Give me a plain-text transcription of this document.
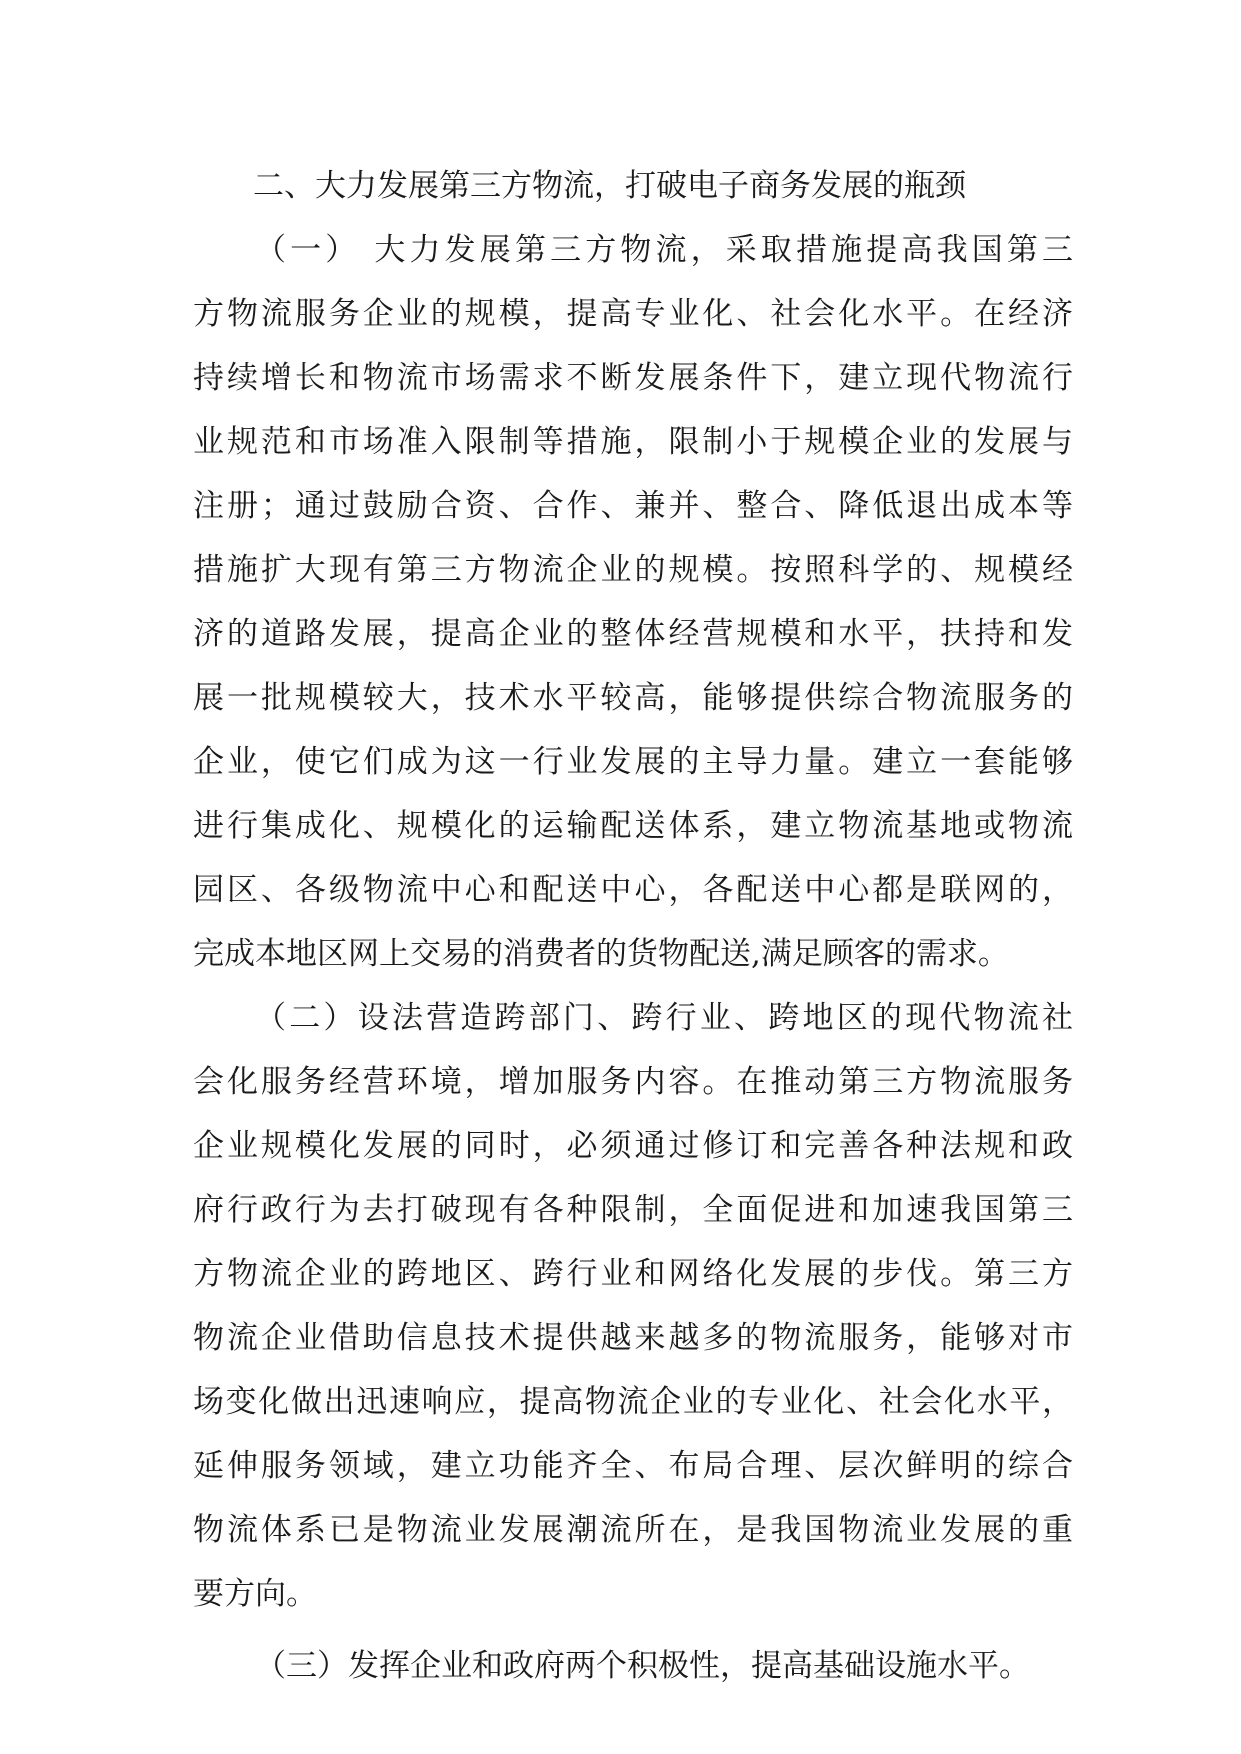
二、大力发展第三方物流，打破电子商务发展的瓶颈
（一） 大力发展第三方物流，采取措施提高我国第三
方物流服务企业的规模，提高专业化、社会化水平。在经济
持续增长和物流市场需求不断发展条件下，建立现代物流行
业规范和市场准入限制等措施，限制小于规模企业的发展与
注册；通过鼓励合资、合作、兼并、整合、降低退出成本等
措施扩大现有第三方物流企业的规模。按照科学的、规模经
济的道路发展，提高企业的整体经营规模和水平，扶持和发
展一批规模较大，技术水平较高，能够提供综合物流服务的
企业，使它们成为这一行业发展的主导力量。建立一套能够
进行集成化、规模化的运输配送体系，建立物流基地或物流
园区、各级物流中心和配送中心，各配送中心都是联网的，
完成本地区网上交易的消费者的货物配送,满足顾客的需求。
（二）设法营造跨部门、跨行业、跨地区的现代物流社
会化服务经营环境，增加服务内容。在推动第三方物流服务
企业规模化发展的同时，必须通过修订和完善各种法规和政
府行政行为去打破现有各种限制，全面促进和加速我国第三
方物流企业的跨地区、跨行业和网络化发展的步伐。第三方
物流企业借助信息技术提供越来越多的物流服务，能够对市
场变化做出迅速响应，提高物流企业的专业化、社会化水平，
延伸服务领域，建立功能齐全、布局合理、层次鲜明的综合
物流体系已是物流业发展潮流所在，是我国物流业发展的重
要方向。
（三）发挥企业和政府两个积极性，提高基础设施水平。
